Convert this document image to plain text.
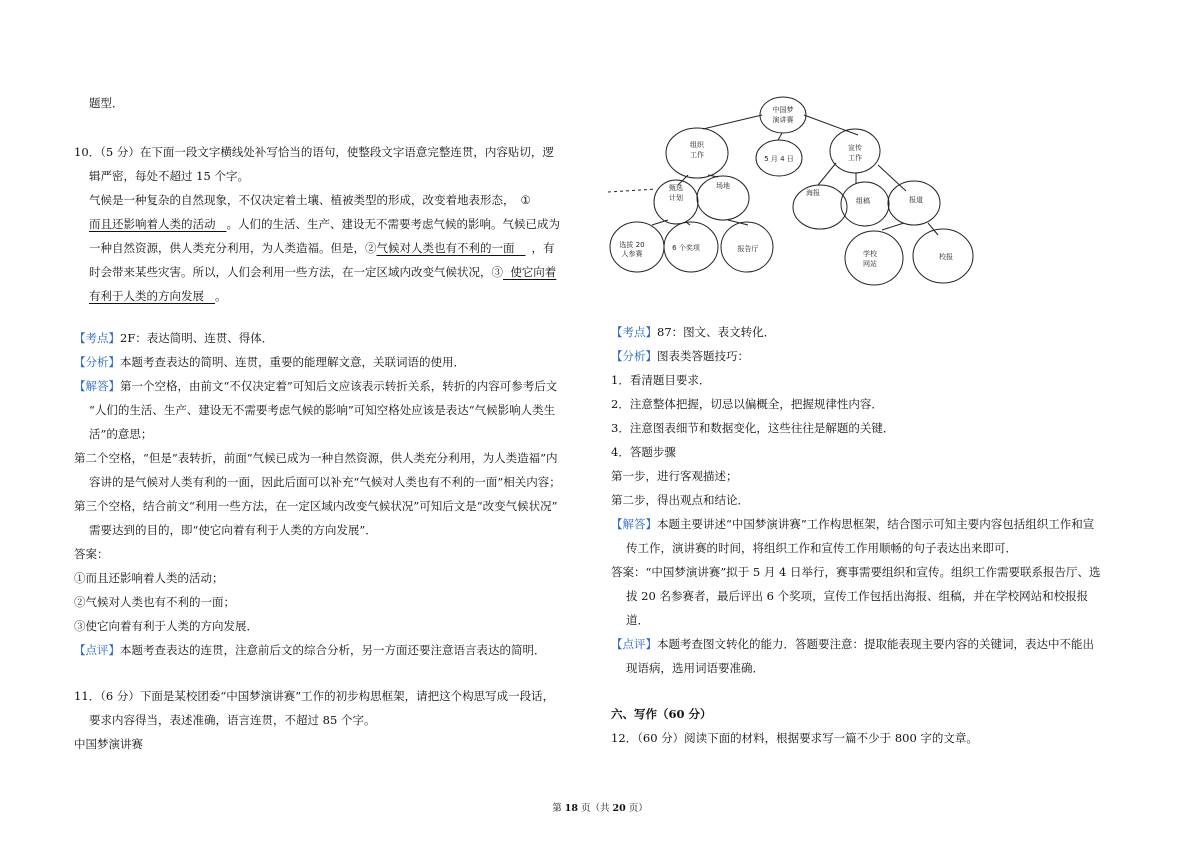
题型．
10．（5 分）在下面一段文字横线处补写恰当的语句，使整段文字语意完整连贯，内容贴切，逻
辑严密，每处不超过 15 个字。
气候是一种复杂的自然现象，不仅决定着土壤、植被类型的形成，改变着地表形态， ①
而且还影响着人类的活动 。人们的生活、生产、建设无不需要考虑气候的影响。气候已成为
一种自然资源，供人类充分利用，为人类造福。但是，②气候对人类也有不利的一面 ，有
时会带来某些灾害。所以，人们会利用一些方法，在一定区域内改变气候状况，③ 使它向着
有利于人类的方向发展 。
【考点】2F：表达简明、连贯、得体．
【分析】本题考查表达的简明、连贯，重要的能理解文意，关联词语的使用．
【解答】第一个空格，由前文“不仅决定着”可知后文应该表示转折关系，转折的内容可参考后文
“人们的生活、生产、建设无不需要考虑气候的影响”可知空格处应该是表达“气候影响人类生
活”的意思；
第二个空格，“但是”表转折，前面“气候已成为一种自然资源，供人类充分利用，为人类造福”内
容讲的是气候对人类有利的一面，因此后面可以补充“气候对人类也有不利的一面”相关内容；
第三个空格，结合前文“利用一些方法，在一定区域内改变气候状况”可知后文是“改变气候状况”
需要达到的目的，即“使它向着有利于人类的方向发展”．
答案：
①而且还影响着人类的活动；
②气候对人类也有不利的一面；
③使它向着有利于人类的方向发展．
【点评】本题考查表达的连贯，注意前后文的综合分析，另一方面还要注意语言表达的简明．
11．（6 分）下面是某校团委“中国梦演讲赛”工作的初步构思框架，请把这个构思写成一段话，
要求内容得当，表述准确，语言连贯，不超过 85 个字。
中国梦演讲赛
中国梦
演讲赛
组织
工作	5 月 4 日
宣传
工作
甄选
计划
场地
海报
组稿	报道
选拔 20
人参赛
6 个奖项	报告厅
学校
网站
校报
【考点】87：图文、表文转化．
【分析】图表类答题技巧：
1．看清题目要求．
2．注意整体把握，切忌以偏概全，把握规律性内容．
3．注意图表细节和数据变化，这些往往是解题的关键．
4．答题步骤
第一步，进行客观描述；
第二步，得出观点和结论．
【解答】本题主要讲述“中国梦演讲赛”工作构思框架，结合图示可知主要内容包括组织工作和宣
传工作，演讲赛的时间，将组织工作和宣传工作用顺畅的句子表达出来即可．
答案：“中国梦演讲赛”拟于 5 月 4 日举行，赛事需要组织和宣传。组织工作需要联系报告厅、选
拔 20 名参赛者，最后评出 6 个奖项，宣传工作包括出海报、组稿，并在学校网站和校报报
道．
【点评】本题考查图文转化的能力．答题要注意：提取能表现主要内容的关键词，表达中不能出
现语病，选用词语要准确．
六、写作（60 分）
12．（60 分）阅读下面的材料，根据要求写一篇不少于 800 字的文章。
第 18 页（共 20 页）
